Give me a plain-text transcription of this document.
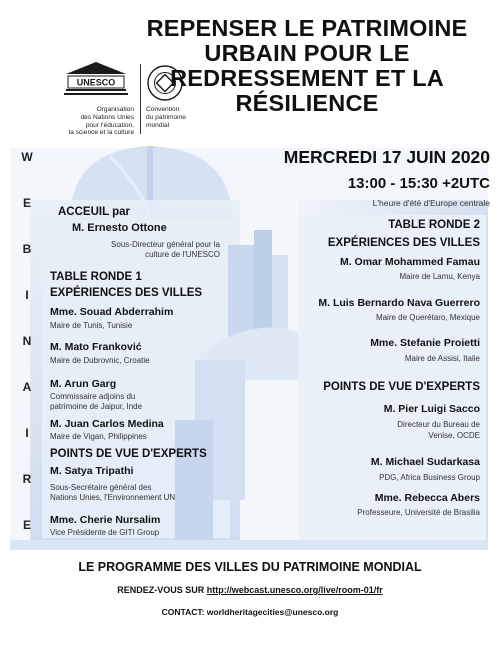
UNESCO
Organisation
des Nations Unies
pour l'éducation,
la science et la culture
Convention
du patrimoine
mondial
REPENSER LE PATRIMOINE
URBAIN POUR LE
REDRESSEMENT ET LA
RÉSILIENCE
MERCREDI 17 JUIN 2020
13:00 - 15:30 +2UTC
L'heure d'été d'Europe centrale
W
E
B
I
N
A
I
R
E
ACCEUIL par
M. Ernesto Ottone
Sous-Directeur général pour la
culture de l'UNESCO
TABLE RONDE 1
EXPÉRIENCES DES VILLES
Mme. Souad Abderrahim
Maire de Tunis, Tunisie
M. Mato Franković
Maire de Dubrovnic, Croatie
M. Arun Garg
Commissaire adjoins du
patrimoine de Jaipur, Inde
M. Juan Carlos Medina
Maire de Vigan, Philippines
POINTS DE VUE D'EXPERTS
M. Satya Tripathi
Sous-Secrétaire général des
Nations Unies, l'Environnement UN
Mme. Cherie Nursalim
Vice Présidente de GITI Group
TABLE RONDE 2
EXPÉRIENCES DES VILLES
M. Omar Mohammed Famau
Maire de Lamu, Kenya
M. Luis Bernardo Nava Guerrero
Maire de Querétaro, Mexique
Mme. Stefanie Proietti
Maire de Assisi, Italie
POINTS DE VUE D'EXPERTS
M. Pier Luigi Sacco
Directeur du Bureau de
Venise, OCDE
M. Michael Sudarkasa
PDG, Africa Business Group
Mme. Rebecca Abers
Professeure, Université de Brasilia
LE PROGRAMME DES VILLES DU PATRIMOINE MONDIAL
RENDEZ-VOUS SUR http://webcast.unesco.org/live/room-01/fr
CONTACT: worldheritagecities@unesco.org
